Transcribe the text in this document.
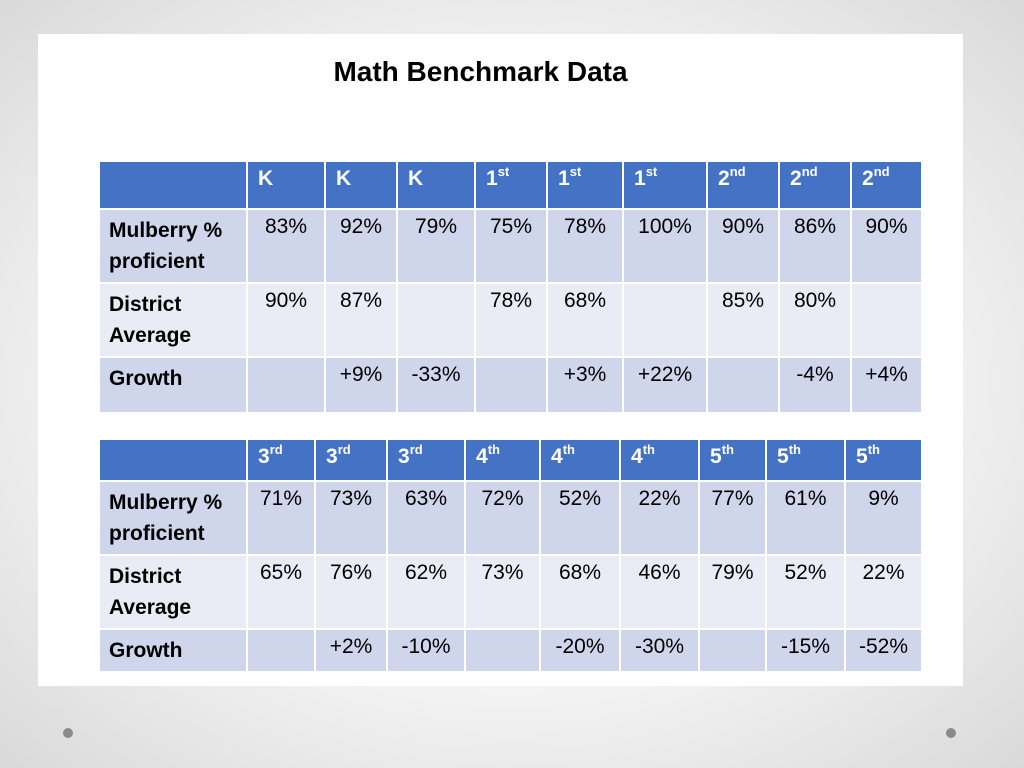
Math Benchmark Data
	K	K	K	1st	1st	1st	2nd	2nd	2nd
Mulberry % proficient	83%	92%	79%	75%	78%	100%	90%	86%	90%
District Average	90%	87%		78%	68%		85%	80%	
Growth		+9%	-33%		+3%	+22%		-4%	+4%
	3rd	3rd	3rd	4th	4th	4th	5th	5th	5th
Mulberry % proficient	71%	73%	63%	72%	52%	22%	77%	61%	9%
District Average	65%	76%	62%	73%	68%	46%	79%	52%	22%
Growth		+2%	-10%		-20%	-30%		-15%	-52%
